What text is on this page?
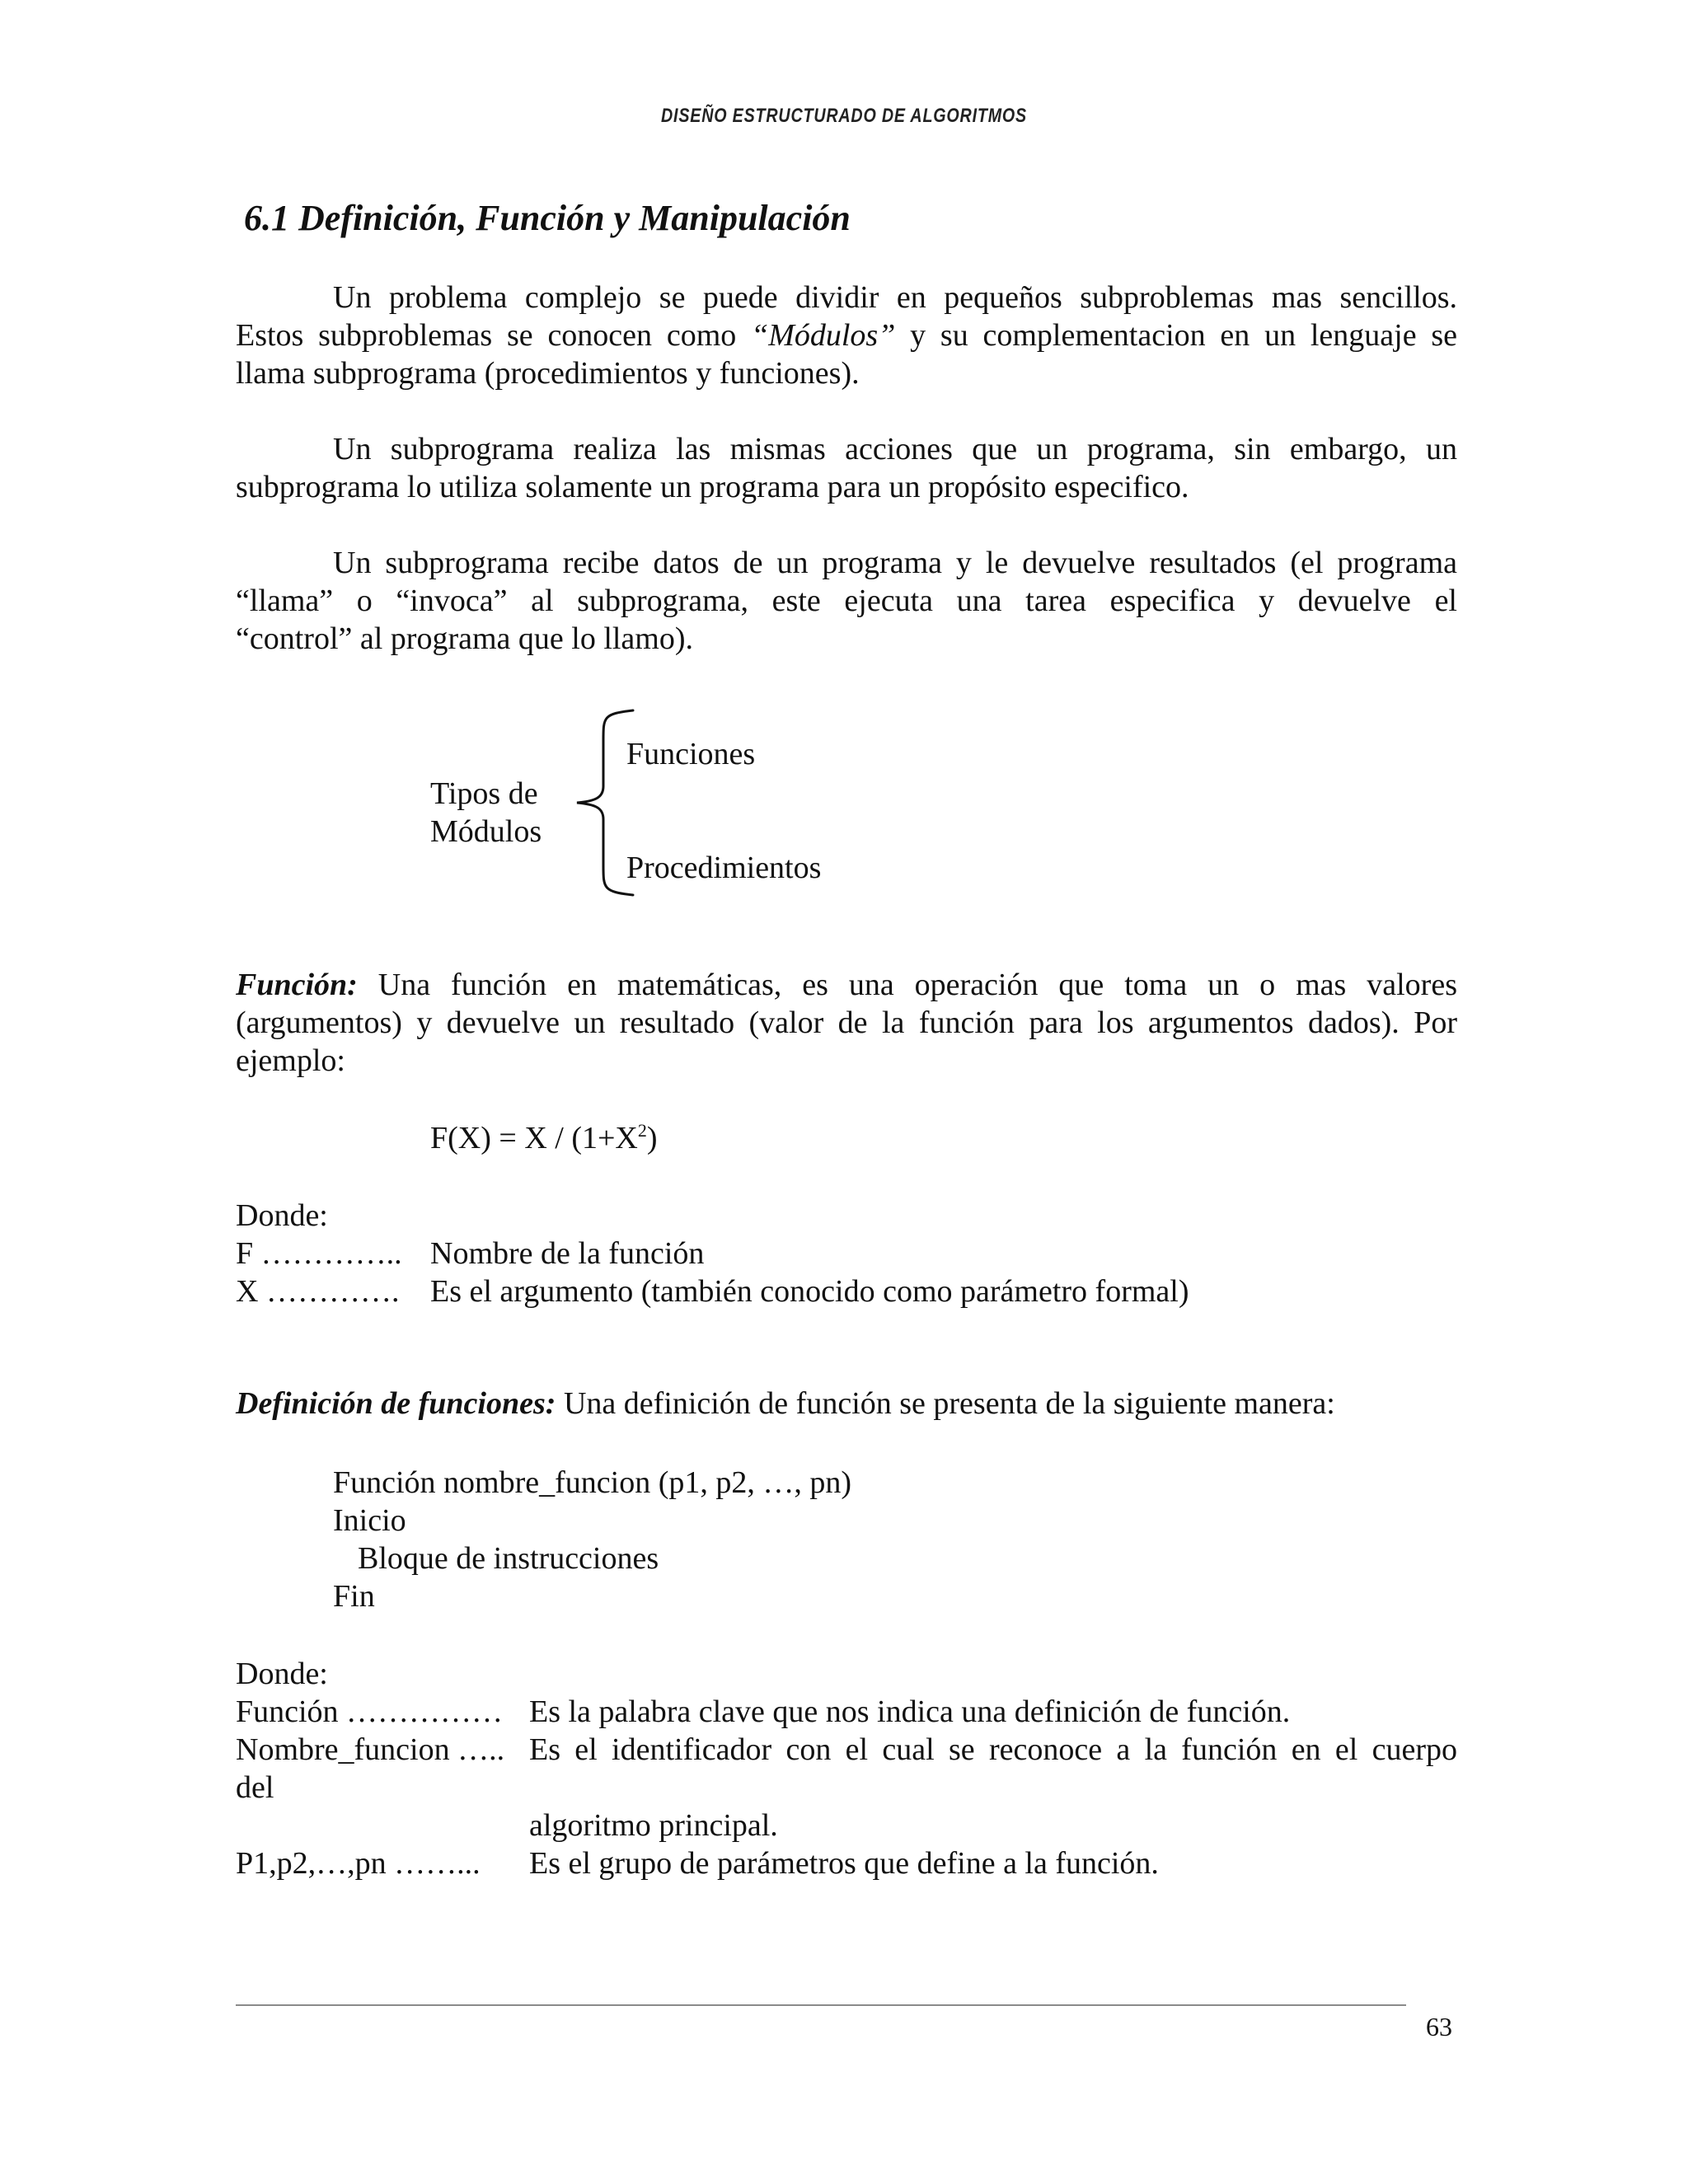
DISEÑO ESTRUCTURADO DE ALGORITMOS
6.1 Definición, Función y Manipulación
Un problema complejo se puede dividir en pequeños subproblemas mas sencillos.
Estos subproblemas se conocen como “Módulos” y su complementacion en un lenguaje se
llama subprograma (procedimientos y funciones).
Un subprograma realiza las mismas acciones que un programa, sin embargo, un
subprograma lo utiliza solamente un programa para un propósito especifico.
Un subprograma recibe datos de un programa y le devuelve resultados (el programa
“llama” o “invoca” al subprograma, este ejecuta una tarea especifica y devuelve el
“control” al programa que lo llamo).
Tipos de
Módulos
Funciones
Procedimientos
Función: Una función en matemáticas, es una operación que toma un o mas valores
(argumentos) y devuelve un resultado (valor de la función para los argumentos dados). Por
ejemplo:
$F(X) = X / (1+X^2)$
Donde:
F ………….. Nombre de la función
X …………. Es el argumento (también conocido como parámetro formal)
Definición de funciones: Una definición de función se presenta de la siguiente manera:
Función nombre_funcion (p1, p2, …, pn)
Inicio
Bloque de instrucciones
Fin
Donde:
Función …………… Es la palabra clave que nos indica una definición de función.
Nombre_funcion ….. Es el identificador con el cual se reconoce a la función en el cuerpo
del
algoritmo principal.
P1,p2,…,pn ……... Es el grupo de parámetros que define a la función.
63
